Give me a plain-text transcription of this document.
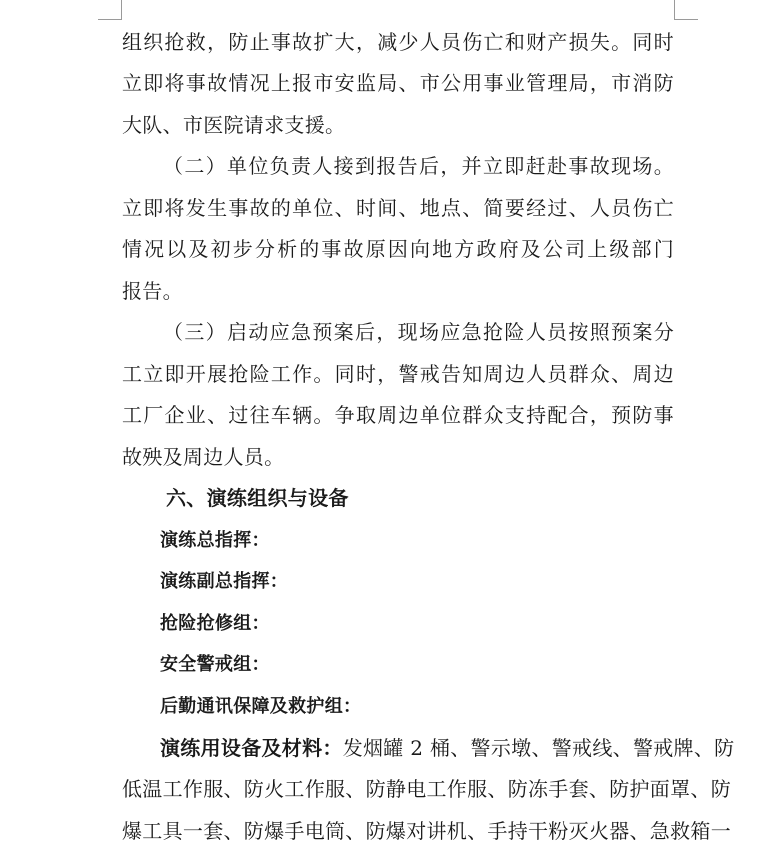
组织抢救，防止事故扩大，减少人员伤亡和财产损失。同时
立即将事故情况上报市安监局、市公用事业管理局，市消防
大队、市医院请求支援。
（二）单位负责人接到报告后，并立即赶赴事故现场。
立即将发生事故的单位、时间、地点、简要经过、人员伤亡
情况以及初步分析的事故原因向地方政府及公司上级部门
报告。
（三）启动应急预案后，现场应急抢险人员按照预案分
工立即开展抢险工作。同时，警戒告知周边人员群众、周边
工厂企业、过往车辆。争取周边单位群众支持配合，预防事
故殃及周边人员。
六、演练组织与设备
演练总指挥：
演练副总指挥：
抢险抢修组：
安全警戒组：
后勤通讯保障及救护组：
演练用设备及材料：发烟罐 2 桶、警示墩、警戒线、警戒牌、防
低温工作服、防火工作服、防静电工作服、防冻手套、防护面罩、防
爆工具一套、防爆手电筒、防爆对讲机、手持干粉灭火器、急救箱一
